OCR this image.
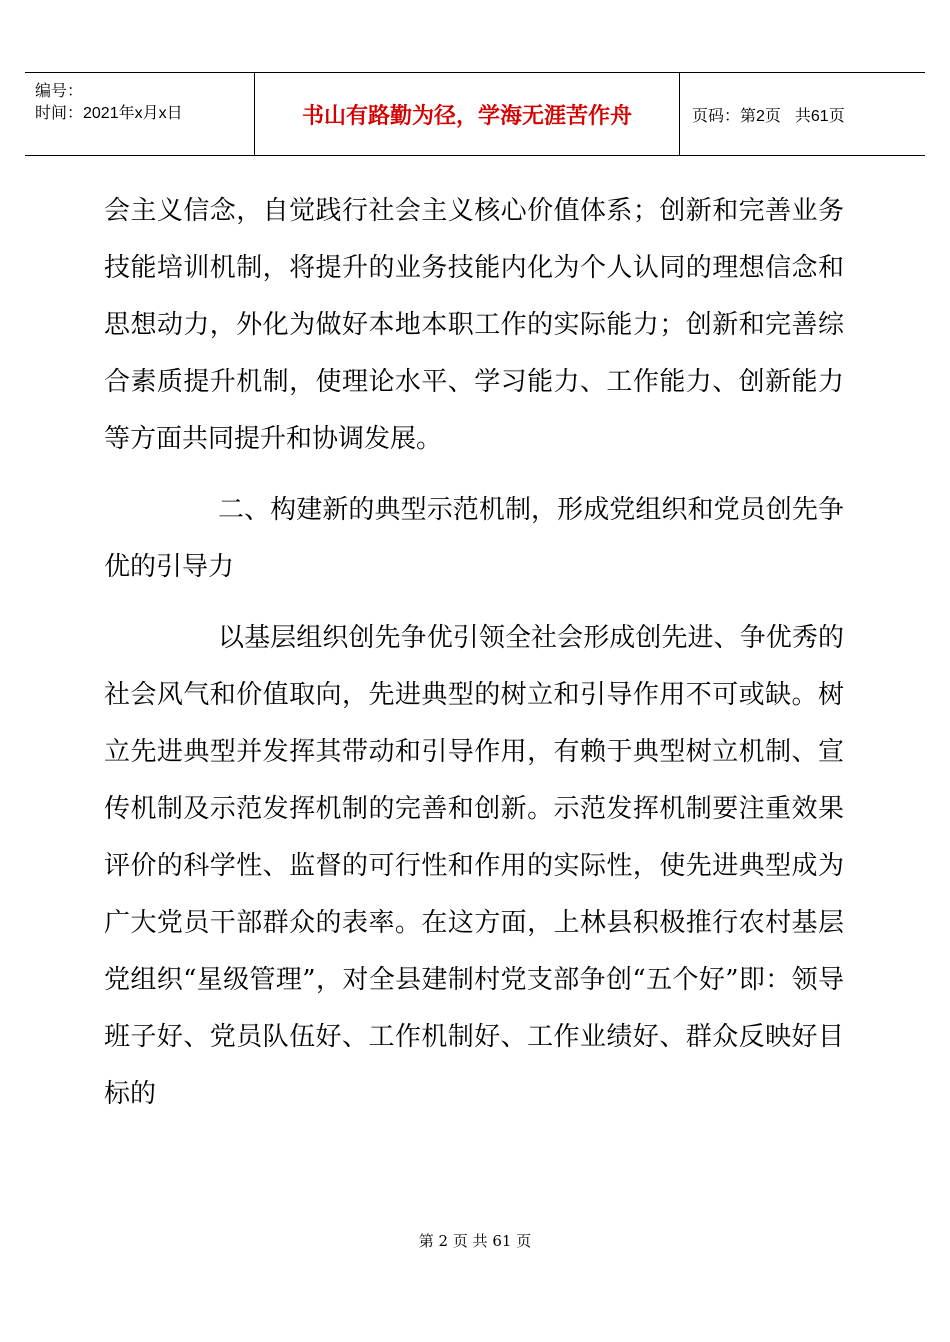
编号：
时间：2021年x月x日	书山有路勤为径，学海无涯苦作舟	页码：第2页 共61页

会主义信念，自觉践行社会主义核心价值体系；创新和完善业务技能培训机制，将提升的业务技能内化为个人认同的理想信念和思想动力，外化为做好本地本职工作的实际能力；创新和完善综合素质提升机制，使理论水平、学习能力、工作能力、创新能力等方面共同提升和协调发展。

二、构建新的典型示范机制，形成党组织和党员创先争优的引导力

以基层组织创先争优引领全社会形成创先进、争优秀的社会风气和价值取向，先进典型的树立和引导作用不可或缺。树立先进典型并发挥其带动和引导作用，有赖于典型树立机制、宣传机制及示范发挥机制的完善和创新。示范发挥机制要注重效果评价的科学性、监督的可行性和作用的实际性，使先进典型成为广大党员干部群众的表率。在这方面，上林县积极推行农村基层党组织“星级管理”，对全县建制村党支部争创“五个好”即：领导班子好、党员队伍好、工作机制好、工作业绩好、群众反映好目标的

第 2 页 共 61 页
